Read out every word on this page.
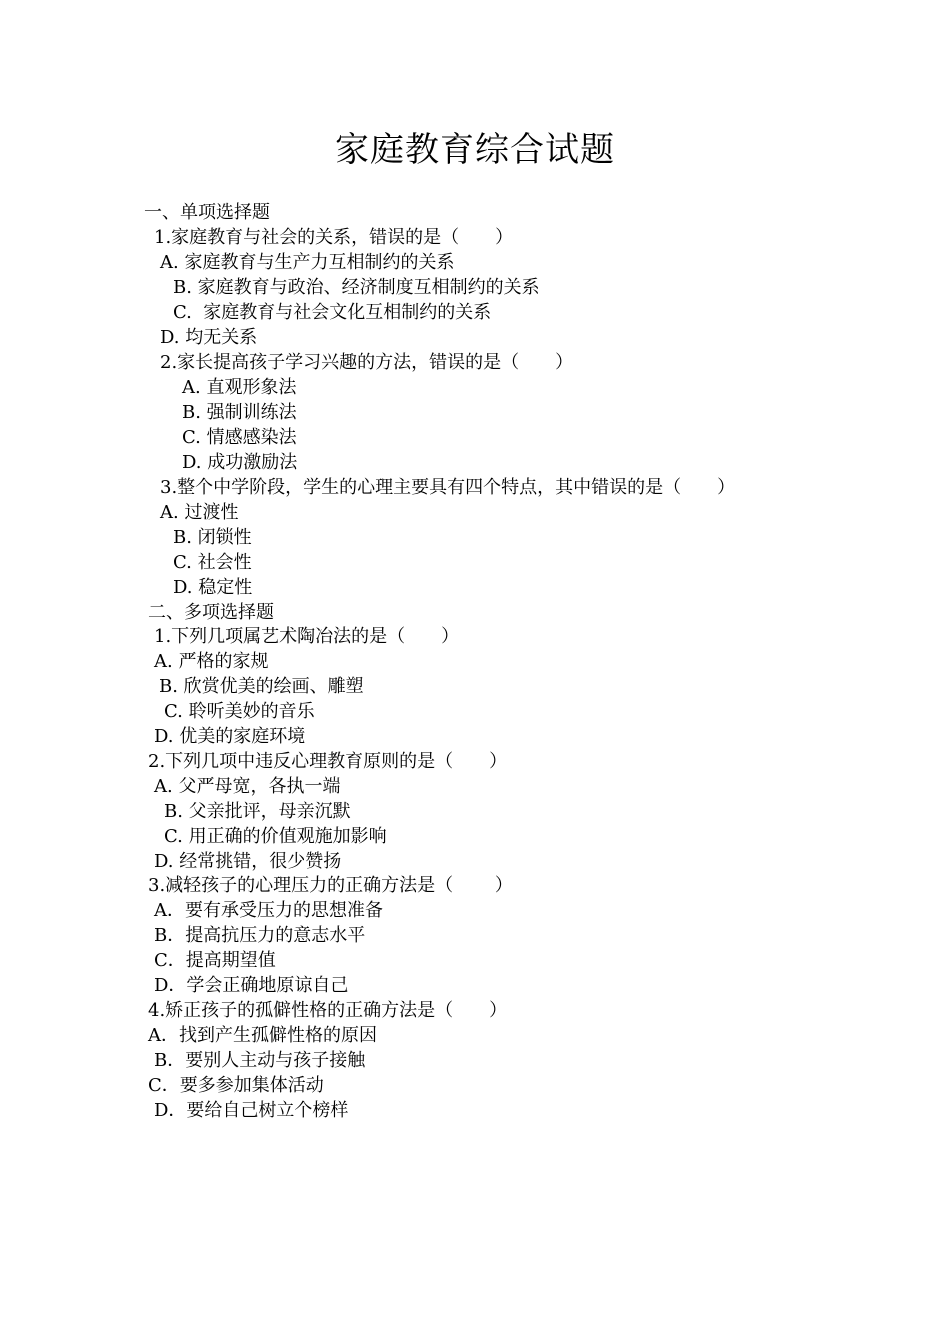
家庭教育综合试题
一、单项选择题
1.家庭教育与社会的关系，错误的是（　　）
A. 家庭教育与生产力互相制约的关系
B. 家庭教育与政治、经济制度互相制约的关系
C.  家庭教育与社会文化互相制约的关系
D. 均无关系
2.家长提高孩子学习兴趣的方法，错误的是（　　）
A. 直观形象法
B. 强制训练法
C. 情感感染法
D. 成功激励法
3.整个中学阶段，学生的心理主要具有四个特点，其中错误的是（　　）
A. 过渡性
B. 闭锁性
C. 社会性
D. 稳定性
二、多项选择题
1.下列几项属艺术陶冶法的是（　　）
A. 严格的家规
B. 欣赏优美的绘画、雕塑
C. 聆听美妙的音乐
D. 优美的家庭环境
2.下列几项中违反心理教育原则的是（　　）
A. 父严母宽，各执一端
B. 父亲批评，母亲沉默
C. 用正确的价值观施加影响
D. 经常挑错，很少赞扬
3.减轻孩子的心理压力的正确方法是（　　 ）
A．要有承受压力的思想准备
B．提高抗压力的意志水平
C．提高期望值
D．学会正确地原谅自己
4.矫正孩子的孤僻性格的正确方法是（　　）
A．找到产生孤僻性格的原因
B．要别人主动与孩子接触
C．要多参加集体活动
D．要给自己树立个榜样
